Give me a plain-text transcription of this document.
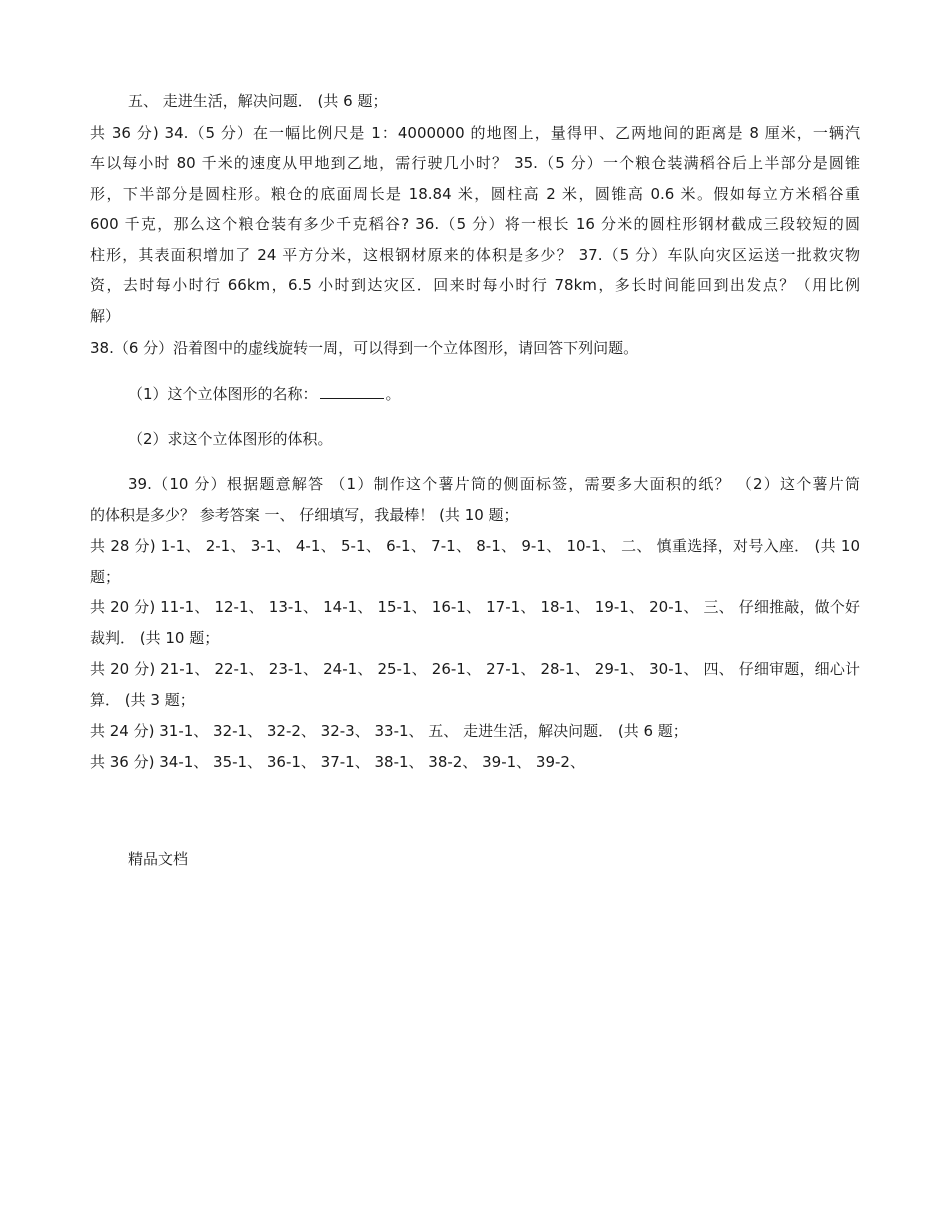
五、 走进生活，解决问题． (共 6 题；
共 36 分) 34.（5 分）在一幅比例尺是 1：4000000 的地图上，量得甲、乙两地间的距离是 8 厘米，一辆汽
车以每小时 80 千米的速度从甲地到乙地，需行驶几小时？ 35.（5 分）一个粮仓装满稻谷后上半部分是圆锥
形，下半部分是圆柱形。粮仓的底面周长是 18.84 米，圆柱高 2 米，圆锥高 0.6 米。假如每立方米稻谷重
600 千克，那么这个粮仓装有多少千克稻谷? 36.（5 分）将一根长 16 分米的圆柱形钢材截成三段较短的圆
柱形，其表面积增加了 24 平方分米，这根钢材原来的体积是多少？ 37.（5 分）车队向灾区运送一批救灾物
资，去时每小时行 66km，6.5 小时到达灾区．回来时每小时行 78km，多长时间能回到出发点？（用比例
解）
38.（6 分）沿着图中的虚线旋转一周，可以得到一个立体图形，请回答下列问题。
（1）这个立体图形的名称：	。
（2）求这个立体图形的体积。
39.（10 分）根据题意解答 （1）制作这个薯片筒的侧面标签，需要多大面积的纸？ （2）这个薯片筒
的体积是多少？ 参考答案 一、 仔细填写，我最棒！ (共 10 题；
共 28 分) 1-1、 2-1、 3-1、 4-1、 5-1、 6-1、 7-1、 8-1、 9-1、 10-1、 二、 慎重选择，对号入座． (共 10
题；
共 20 分) 11-1、 12-1、 13-1、 14-1、 15-1、 16-1、 17-1、 18-1、 19-1、 20-1、 三、 仔细推敲，做个好
裁判． (共 10 题；
共 20 分) 21-1、 22-1、 23-1、 24-1、 25-1、 26-1、 27-1、 28-1、 29-1、 30-1、 四、 仔细审题，细心计
算． (共 3 题；
共 24 分) 31-1、 32-1、 32-2、 32-3、 33-1、 五、 走进生活，解决问题． (共 6 题；
共 36 分) 34-1、 35-1、 36-1、 37-1、 38-1、 38-2、 39-1、 39-2、
精品文档
